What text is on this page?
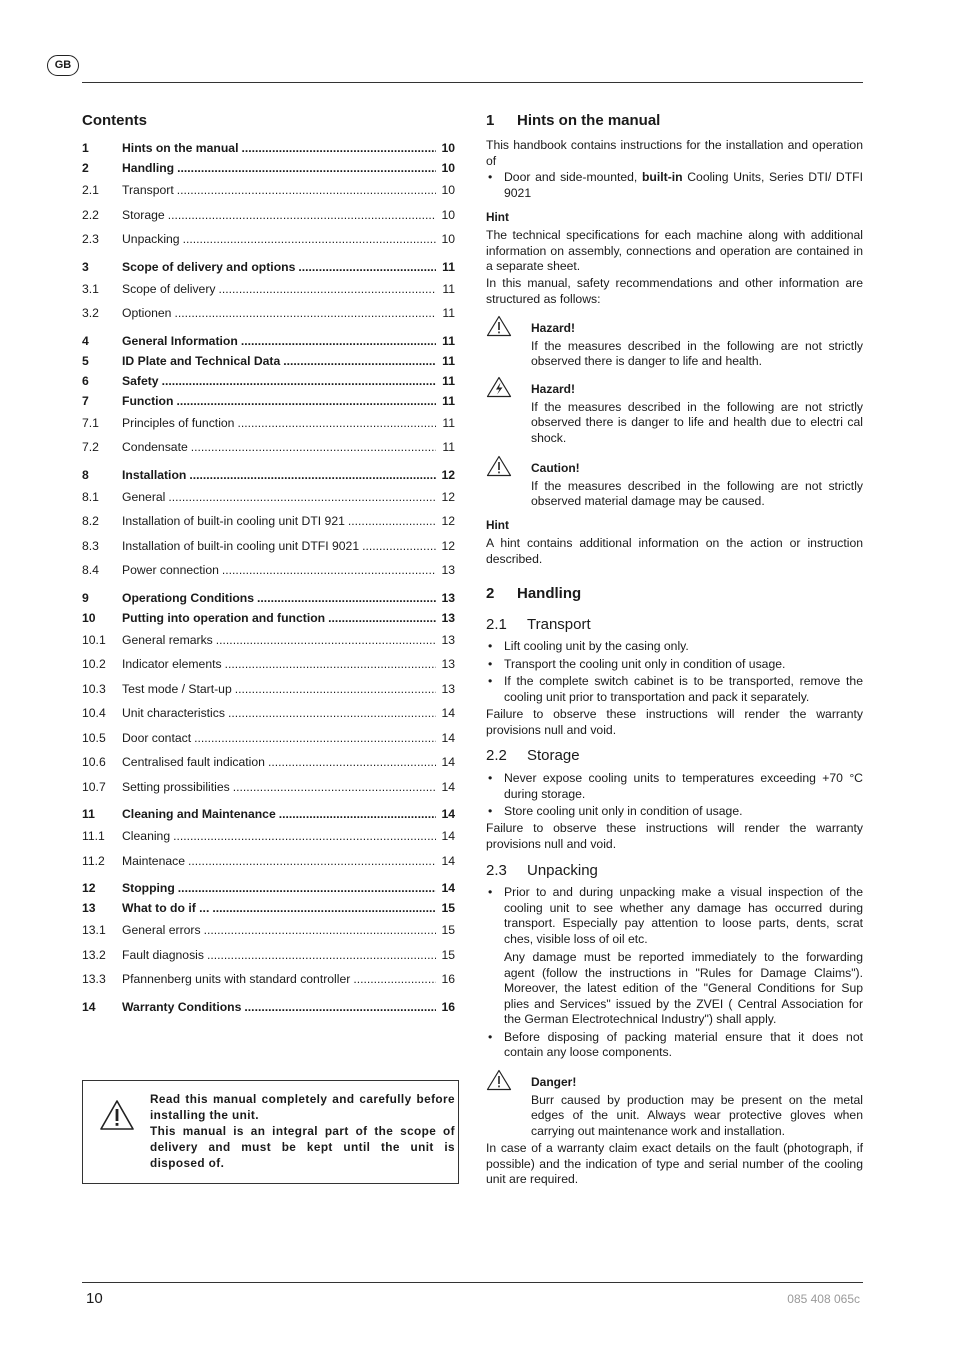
GB
Contents
1	Hints on the manual .....	10
2	Handling .....	10
2.1	Transport .....	10
2.2	Storage .....	10
2.3	Unpacking .....	10
3	Scope of delivery and options .....	11
3.1	Scope of delivery .....	11
3.2	Optionen .....	11
4	General Information .....	11
5	ID Plate and Technical Data .....	11
6	Safety .....	11
7	Function .....	11
7.1	Principles of function .....	11
7.2	Condensate .....	11
8	Installation .....	12
8.1	General .....	12
8.2	Installation of built-in cooling unit DTI 921 .....	12
8.3	Installation of built-in cooling unit DTFI 9021 .....	12
8.4	Power connection .....	13
9	Operationg Conditions .....	13
10	Putting into operation and function .....	13
10.1	General remarks .....	13
10.2	Indicator elements .....	13
10.3	Test mode / Start-up .....	13
10.4	Unit characteristics .....	14
10.5	Door contact .....	14
10.6	Centralised fault indication .....	14
10.7	Setting prossibilities .....	14
11	Cleaning and Maintenance .....	14
11.1	Cleaning .....	14
11.2	Maintenace .....	14
12	Stopping .....	14
13	What to do if ... .....	15
13.1	General errors .....	15
13.2	Fault diagnosis .....	15
13.3	Pfannenberg units with standard controller .....	16
14	Warranty Conditions .....	16
Read this manual completely and carefully before installing the unit.
This manual is an integral part of the scope of delivery and must be kept until the unit is disposed of.
1 Hints on the manual
This handbook contains instructions for the installation and operation of
• Door and side-mounted, built-in Cooling Units, Series DTI/ DTFI 9021
Hint
The technical specifications for each machine along with additional information on assembly, connections and operation are contained in a separate sheet.
In this manual, safety recommendations and other information are structured as follows:
Hazard!
If the measures described in the following are not strictly observed there is danger to life and health.
Hazard!
If the measures described in the following are not strictly observed there is danger to life and health due to electri cal shock.
Caution!
If the measures described in the following are not strictly observed material damage may be caused.
Hint
A hint contains additional information on the action or instruction described.
2 Handling
2.1 Transport
• Lift cooling unit by the casing only.
• Transport the cooling unit only in condition of usage.
• If the complete switch cabinet is to be transported, remove the cooling unit prior to transportation and pack it separately.
Failure to observe these instructions will render the warranty provisions null and void.
2.2 Storage
• Never expose cooling units to temperatures exceeding +70 °C during storage.
• Store cooling unit only in condition of usage.
Failure to observe these instructions will render the warranty provisions null and void.
2.3 Unpacking
• Prior to and during unpacking make a visual inspection of the cooling unit to see whether any damage has occurred during transport. Especially pay attention to loose parts, dents, scrat ches, visible loss of oil etc.
Any damage must be reported immediately to the forwarding agent (follow the instructions in "Rules for Damage Claims"). Moreover, the latest edition of the "General Conditions for Sup plies and Services" issued by the ZVEI ( Central Association for the German Electrotechnical Industry") shall apply.
• Before disposing of packing material ensure that it does not contain any loose components.
Danger!
Burr caused by production may be present on the metal edges of the unit. Always wear protective gloves when carrying out maintenance work and installation.
In case of a warranty claim exact details on the fault (photograph, if possible) and the indication of type and serial number of the cooling unit are required.
10	085 408 065c
